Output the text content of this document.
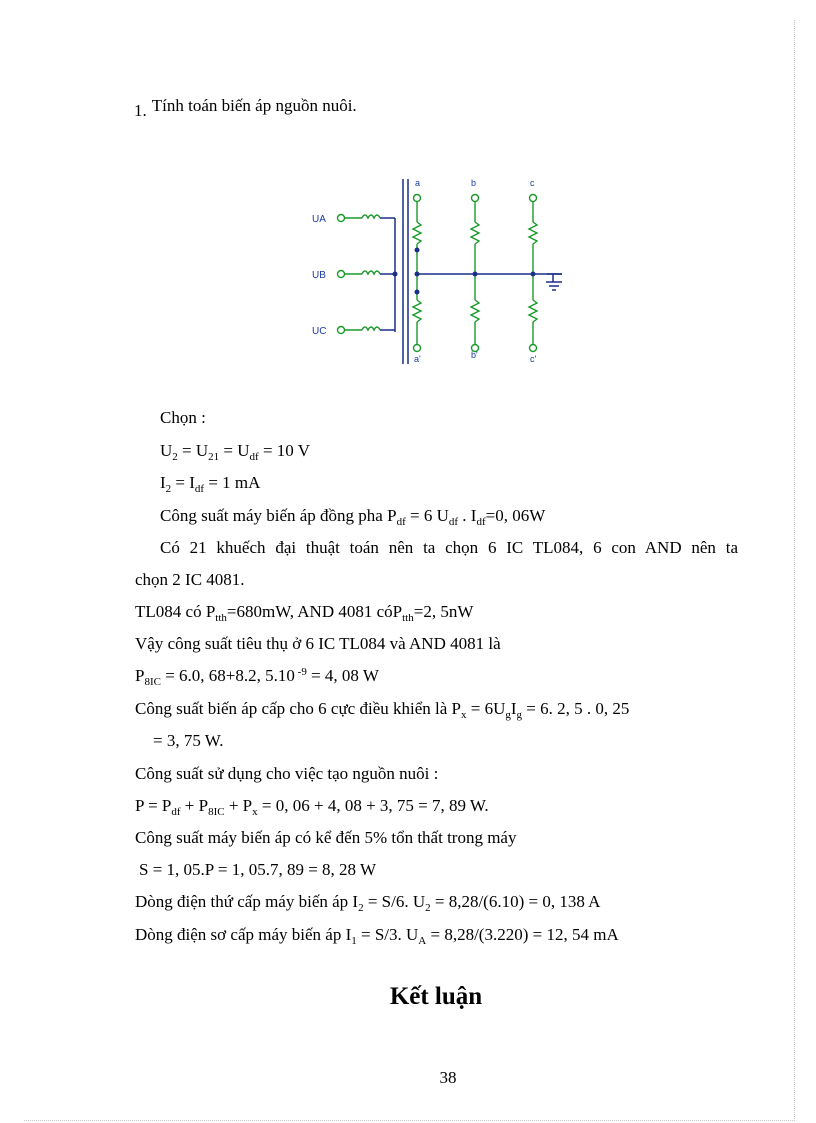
1. Tính toán biến áp nguồn nuôi.
UA
UB
UC
a	b	c
a'	b'	c'
Chọn :
$U_2 = U_{21} = U_{df} = 10$ V
$I_2 = I_{df} = 1$ mA
Công suất máy biến áp đồng pha $P_{df} = 6$ $U_{df}$ . $I_{df}=0$, 06W
Có 21 khuếch đại thuật toán nên ta chọn 6 IC TL084, 6 con AND nên ta
chọn 2 IC 4081.
TL084 có $P_{tth}=680mW$, AND 4081 cóP$_{tth}$=2, 5nW
Vậy công suất tiêu thụ ở 6 IC TL084 và AND 4081 là
$P_{8IC} = 6.0$, 68+8.2, 5.10 $^{-9}$ = 4, 08 W
Công suất biến áp cấp cho 6 cực điều khiển là $P_x = 6U_gI_g = 6$. 2, 5 . 0, 25
= 3, 75 W.
Công suất sử dụng cho việc tạo nguồn nuôi :
$P = P_{df} + P_{8IC} + P_x = 0$, 06 + 4, 08 + 3, 75 = 7, 89 W.
Công suất máy biến áp có kể đến 5% tổn thất trong máy
S = 1, 05.P = 1, 05.7, 89 = 8, 28 W
Dòng điện thứ cấp máy biến áp $I_2 = S/6$. $U_2 = 8,28/(6.10) = 0$, 138 A
Dòng điện sơ cấp máy biến áp $I_1 = S/3$. $U_A = 8,28/(3.220) = 12$, 54 mA
Kết luận
38
